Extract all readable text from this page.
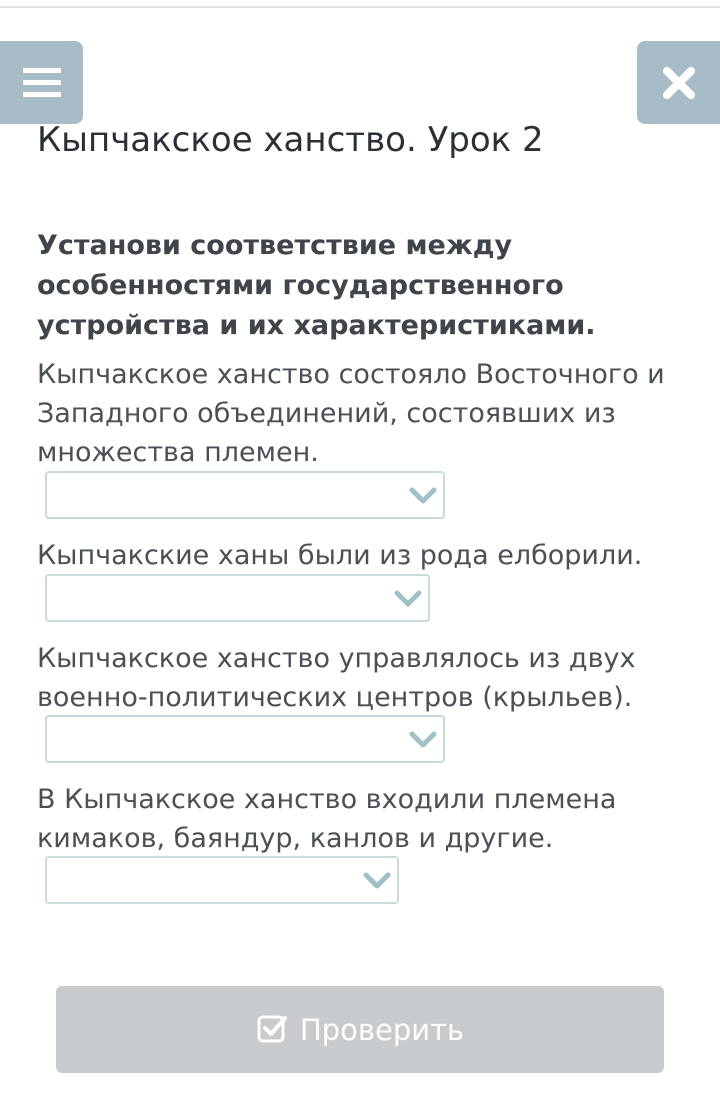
Кыпчакское ханство. Урок 2
Установи соответствие между особенностями государственного устройства и их характеристиками.
Кыпчакское ханство состояло Восточного и Западного объединений, состоявших из множества племен.
Кыпчакские ханы были из рода елборили.
Кыпчакское ханство управлялось из двух военно-политических центров (крыльев).
В Кыпчакское ханство входили племена кимаков, баяндур, канлов и другие.
Проверить
